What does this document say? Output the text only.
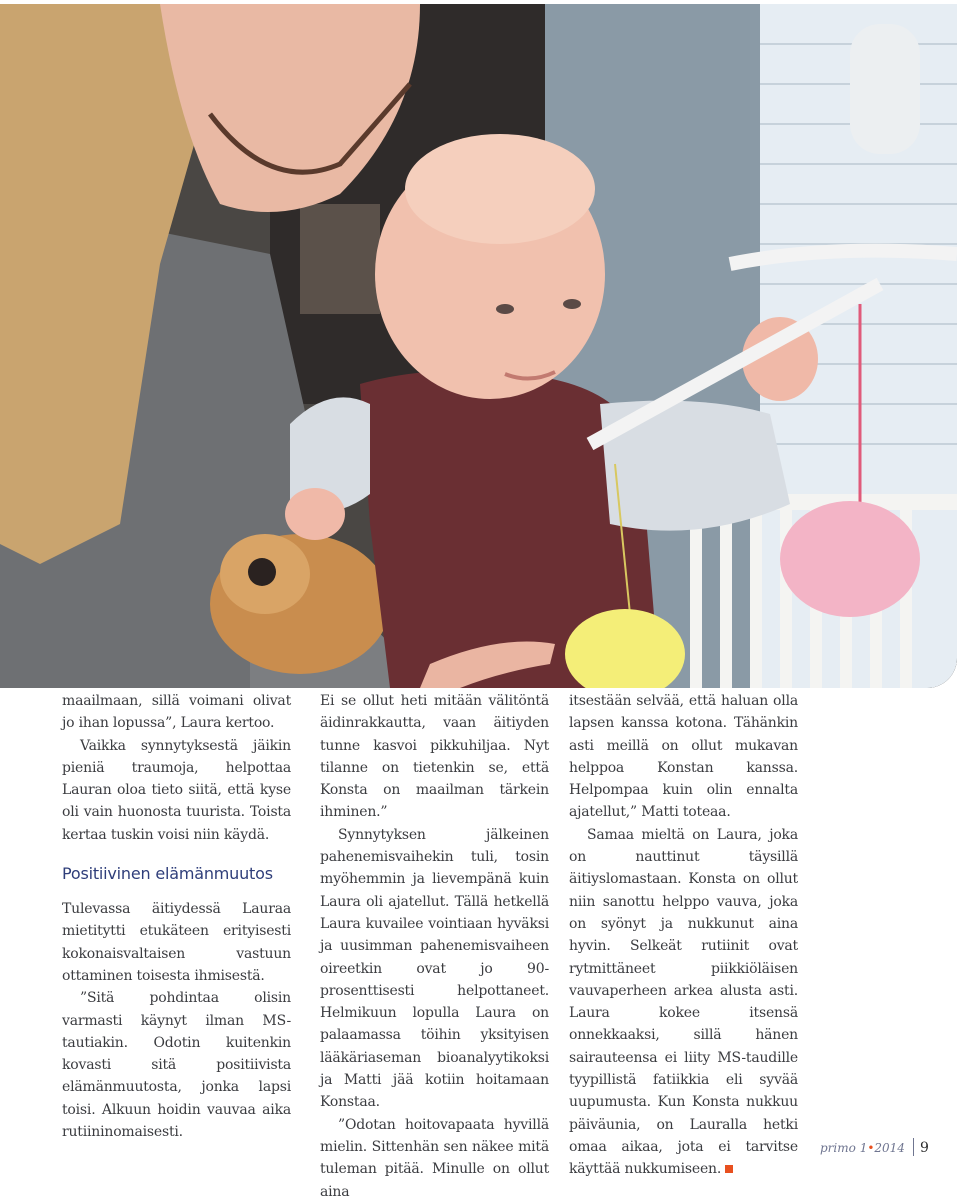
maailmaan, sillä voimani olivat jo ihan lopussa”, Laura kertoo.

Vaikka synnytyksestä jäikin pieniä traumoja, helpottaa Lauran oloa tieto siitä, että kyse oli vain huonosta tuurista. Toista kertaa tuskin voisi niin käydä.

Positiivinen elämänmuutos

Tulevassa äitiydessä Lauraa mietitytti etukäteen erityisesti kokonaisvaltaisen vastuun ottaminen toisesta ihmisestä.

”Sitä pohdintaa olisin varmasti käynyt ilman MS-tautiakin. Odotin kuitenkin kovasti sitä positiivista elämänmuutosta, jonka lapsi toisi. Alkuun hoidin vauvaa aika rutiininomaisesti.

Ei se ollut heti mitään välitöntä äidinrakkautta, vaan äitiyden tunne kasvoi pikkuhiljaa. Nyt tilanne on tietenkin se, että Konsta on maailman tärkein ihminen.”

Synnytyksen jälkeinen pahenemisvaihekin tuli, tosin myöhemmin ja lievempänä kuin Laura oli ajatellut. Tällä hetkellä Laura kuvailee vointiaan hyväksi ja uusimman pahenemisvaiheen oireetkin ovat jo 90-prosenttisesti helpottaneet. Helmikuun lopulla Laura on palaamassa töihin yksityisen lääkäriaseman bioanalyytikoksi ja Matti jää kotiin hoitamaan Konstaa.

”Odotan hoitovapaata hyvillä mielin. Sittenhän sen näkee mitä tuleman pitää. Minulle on ollut aina

itsestään selvää, että haluan olla lapsen kanssa kotona. Tähänkin asti meillä on ollut mukavan helppoa Konstan kanssa. Helpompaa kuin olin ennalta ajatellut,” Matti toteaa.

Samaa mieltä on Laura, joka on nauttinut täysillä äitiyslomastaan. Konsta on ollut niin sanottu helppo vauva, joka on syönyt ja nukkunut aina hyvin. Selkeät rutiinit ovat rytmittäneet piikkiöläisen vauvaperheen arkea alusta asti. Laura kokee itsensä onnekkaaksi, sillä hänen sairauteensa ei liity MS-taudille tyypillistä fatiikkia eli syvää uupumusta. Kun Konsta nukkuu päiväunia, on Lauralla hetki omaa aikaa, jota ei tarvitse käyttää nukkumiseen.

primo 1•2014 9
